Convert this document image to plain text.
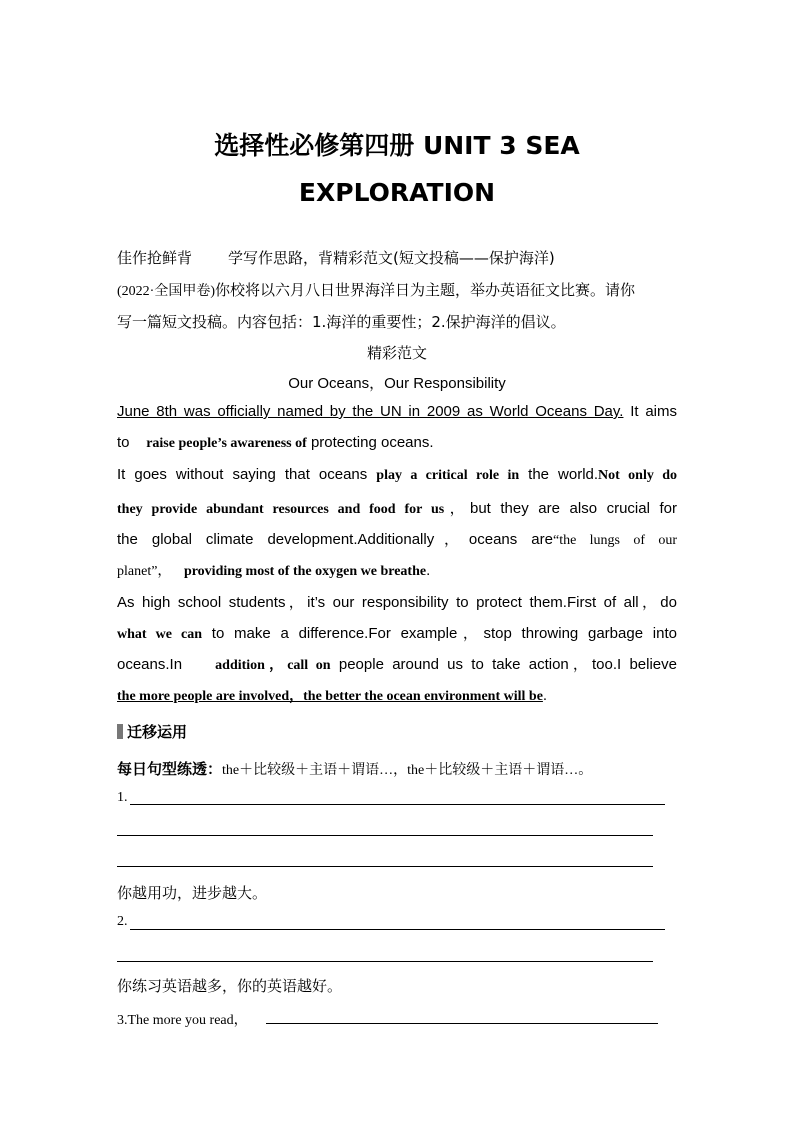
选择性必修第四册 UNIT 3 SEA
EXPLORATION
佳作抢鲜背 学写作思路，背精彩范文(短文投稿——保护海洋)
(2022·全国甲卷)你校将以六月八日世界海洋日为主题，举办英语征文比赛。请你
写一篇短文投稿。内容包括：1.海洋的重要性；2.保护海洋的倡议。
精彩范文
Our Oceans，Our Responsibility
June 8th was officially named by the UN in 2009 as World Oceans Day. It aims
to raise people’s awareness of protecting oceans.
It goes without saying that oceans play a critical role in the world.Not only do
they provide abundant resources and food for us，but they are also crucial for
the global climate development.Additionally，oceans are“the lungs of our
planet”， providing most of the oxygen we breathe.
As high school students，it’s our responsibility to protect them.First of all，do
what we can to make a difference.For example，stop throwing garbage into
oceans.In addition，call on people around us to take action，too.I believe
the more people are involved，the better the ocean environment will be.
迁移运用
每日句型练透：the＋比较级＋主语＋谓语…，the＋比较级＋主语＋谓语…。
1.
你越用功，进步越大。
2.
你练习英语越多，你的英语越好。
3.The more you read，
